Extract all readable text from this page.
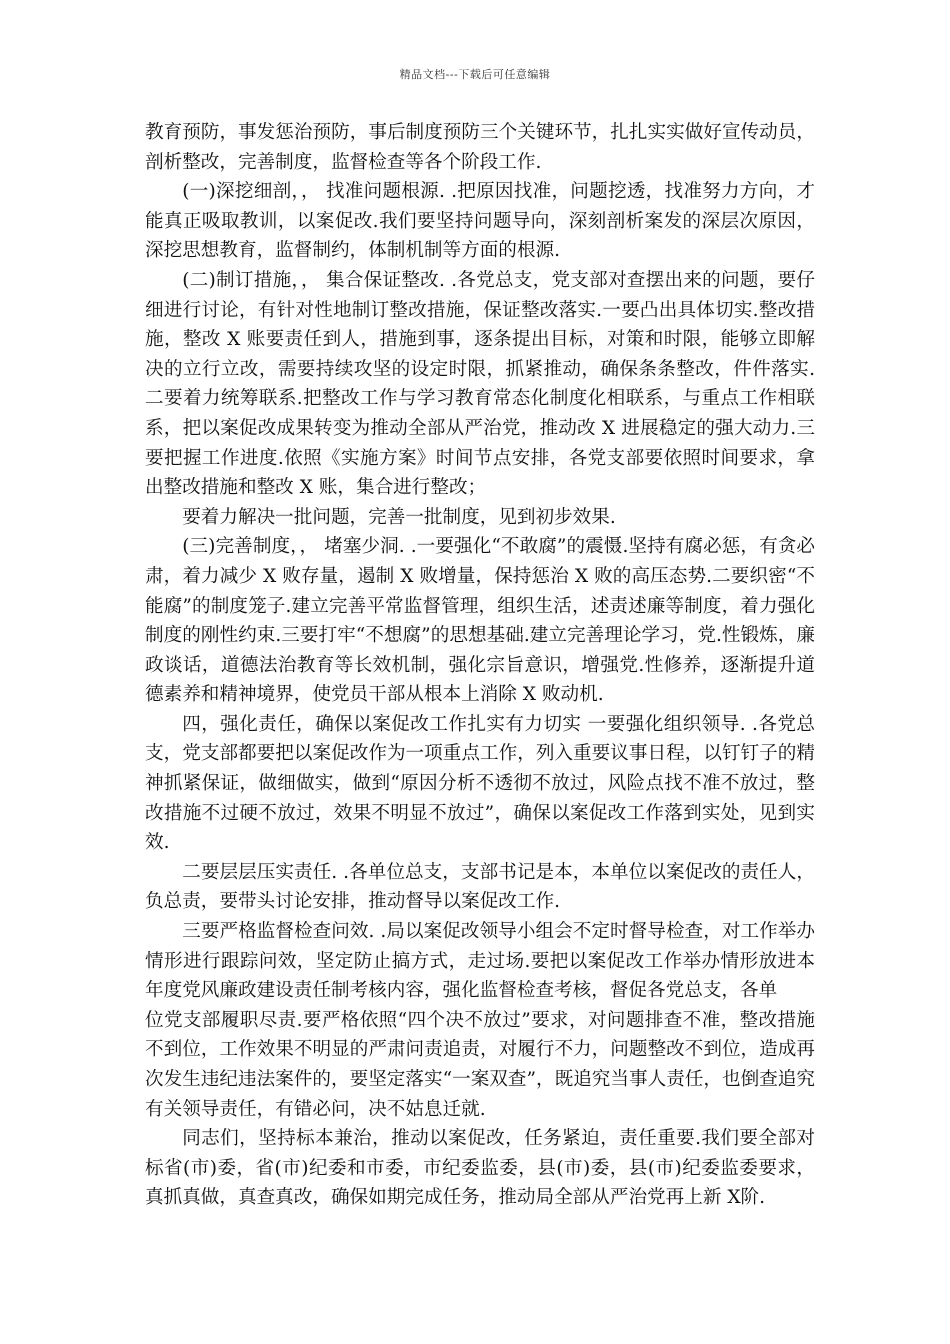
精品文档---下载后可任意编辑

教育预防，事发惩治预防，事后制度预防三个关键环节，扎扎实实做好宣传动员，剖析整改，完善制度，监督检查等各个阶段工作.

(一)深挖细剖，， 找准问题根源. .把原因找准，问题挖透，找准努力方向，才能真正吸取教训，以案促改.我们要坚持问题导向，深刻剖析案发的深层次原因，深挖思想教育，监督制约，体制机制等方面的根源.

(二)制订措施，， 集合保证整改. .各党总支，党支部对查摆出来的问题，要仔细进行讨论，有针对性地制订整改措施，保证整改落实.一要凸出具体切实.整改措施，整改 X 账要责任到人，措施到事，逐条提出目标，对策和时限，能够立即解决的立行立改，需要持续攻坚的设定时限，抓紧推动，确保条条整改，件件落实.二要着力统筹联系.把整改工作与学习教育常态化制度化相联系，与重点工作相联系，把以案促改成果转变为推动全部从严治党，推动改 X 进展稳定的强大动力.三要把握工作进度.依照《实施方案》时间节点安排，各党支部要依照时间要求，拿出整改措施和整改 X 账，集合进行整改；

要着力解决一批问题，完善一批制度，见到初步效果.

(三)完善制度，， 堵塞少洞. .一要强化“不敢腐”的震慑.坚持有腐必惩，有贪必肃，着力减少 X 败存量，遏制 X 败增量，保持惩治 X 败的高压态势.二要织密“不能腐”的制度笼子.建立完善平常监督管理，组织生活，述责述廉等制度，着力强化制度的刚性约束.三要打牢“不想腐”的思想基础.建立完善理论学习，党.性锻炼，廉政谈话，道德法治教育等长效机制，强化宗旨意识，增强党.性修养，逐渐提升道德素养和精神境界，使党员干部从根本上消除 X 败动机.

四，强化责任，确保以案促改工作扎实有力切实 一要强化组织领导. .各党总支，党支部都要把以案促改作为一项重点工作，列入重要议事日程，以钉钉子的精神抓紧保证，做细做实，做到“原因分析不透彻不放过，风险点找不准不放过，整改措施不过硬不放过，效果不明显不放过”，确保以案促改工作落到实处，见到实效.

二要层层压实责任. .各单位总支，支部书记是本，本单位以案促改的责任人，负总责，要带头讨论安排，推动督导以案促改工作.

三要严格监督检查问效. .局以案促改领导小组会不定时督导检查，对工作举办情形进行跟踪问效，坚定防止搞方式，走过场.要把以案促改工作举办情形放进本年度党风廉政建设责任制考核内容，强化监督检查考核，督促各党总支，各单

位党支部履职尽责.要严格依照“四个决不放过”要求，对问题排查不准，整改措施不到位，工作效果不明显的严肃问责追责，对履行不力，问题整改不到位，造成再次发生违纪违法案件的，要坚定落实“一案双查”，既追究当事人责任，也倒查追究有关领导责任，有错必问，决不姑息迁就.

同志们，坚持标本兼治，推动以案促改，任务紧迫，责任重要.我们要全部对标省(市)委，省(市)纪委和市委，市纪委监委，县(市)委，县(市)纪委监委要求，真抓真做，真查真改，确保如期完成任务，推动局全部从严治党再上新 X阶.
